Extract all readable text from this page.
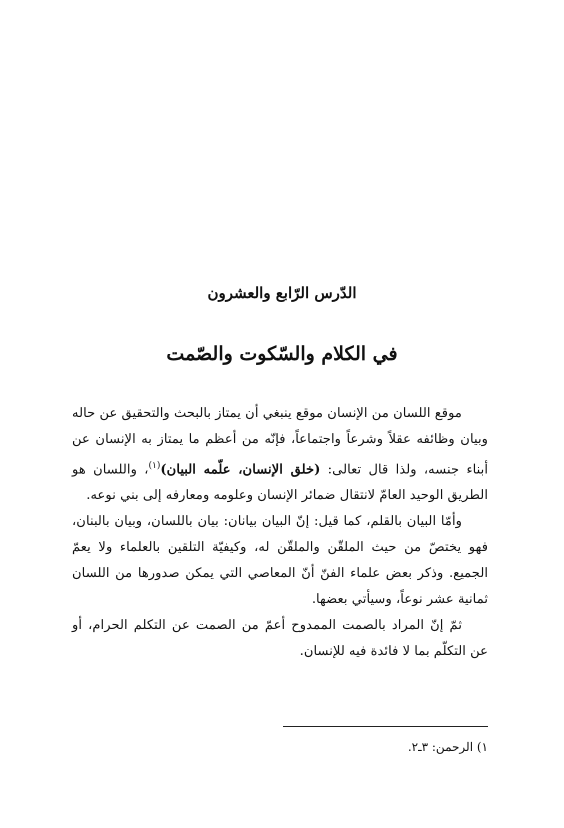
الدّرس الرّابع والعشرون
في الكلام والسّكوت والصّمت

موقع اللسان من الإنسان موقع ينبغي أن يمتاز بالبحث والتحقيق عن حاله وبيان وظائفه عقلاً وشرعاً واجتماعاً، فإنّه من أعظم ما يمتاز به الإنسان عن أبناء جنسه، ولذا قال تعالى: (خلق الإنسان، علّمه البيان)$^{(١)}$، واللسان هو الطريق الوحيد العامّ لانتقال ضمائر الإنسان وعلومه ومعارفه إلى بني نوعه.

وأمّا البيان بالقلم، كما قيل: إنّ البيان بيانان: بيان باللسان، وبيان بالبنان، فهو يختصّ من حيث الملقّن والملقّن له، وكيفيّة التلقين بالعلماء ولا يعمّ الجميع. وذكر بعض علماء الفنّ أنّ المعاصي التي يمكن صدورها من اللسان ثمانية عشر نوعاً، وسيأتي بعضها.

ثمّ إنّ المراد بالصمت الممدوح أعمّ من الصمت عن التكلم الحرام، أو عن التكلّم بما لا فائدة فيه للإنسان.

١) الرحمن: ٣ـ٢.
